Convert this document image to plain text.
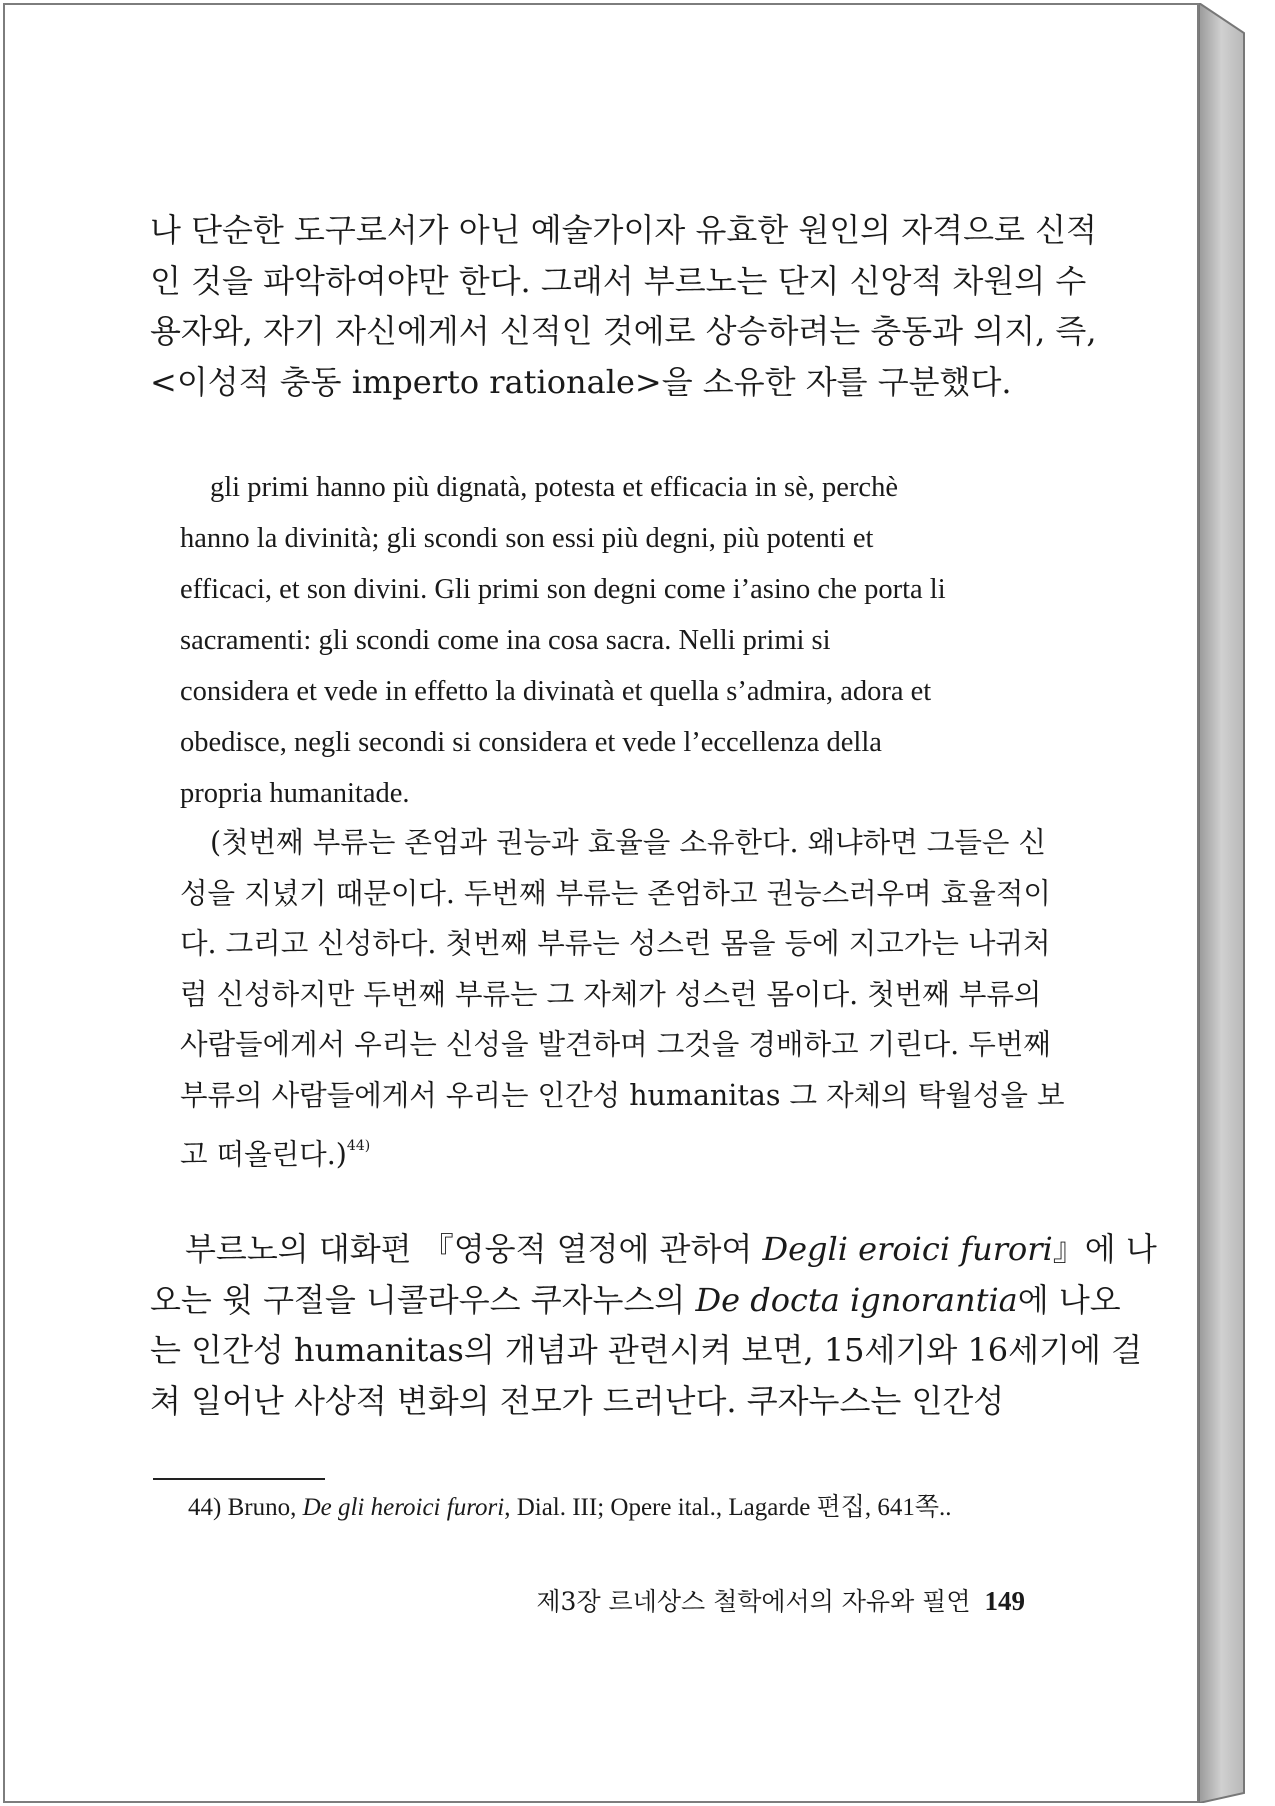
나 단순한 도구로서가 아닌 예술가이자 유효한 원인의 자격으로 신적
인 것을 파악하여야만 한다. 그래서 부르노는 단지 신앙적 차원의 수
용자와, 자기 자신에게서 신적인 것에로 상승하려는 충동과 의지, 즉,
<이성적 충동 imperto rationale>을 소유한 자를 구분했다.

gli primi hanno più dignatà, potesta et efficacia in sè, perchè
hanno la divinità; gli scondi son essi più degni, più potenti et
efficaci, et son divini. Gli primi son degni come i’asino che porta li
sacramenti: gli scondi come ina cosa sacra. Nelli primi si
considera et vede in effetto la divinatà et quella s’admira, adora et
obedisce, negli secondi si considera et vede l’eccellenza della
propria humanitade.
(첫번째 부류는 존엄과 권능과 효율을 소유한다. 왜냐하면 그들은 신
성을 지녔기 때문이다. 두번째 부류는 존엄하고 권능스러우며 효율적이
다. 그리고 신성하다. 첫번째 부류는 성스런 몸을 등에 지고가는 나귀처
럼 신성하지만 두번째 부류는 그 자체가 성스런 몸이다. 첫번째 부류의
사람들에게서 우리는 신성을 발견하며 그것을 경배하고 기린다. 두번째
부류의 사람들에게서 우리는 인간성 humanitas 그 자체의 탁월성을 보
고 떠올린다.)$^{44)}$
부르노의 대화편 『영웅적 열정에 관하여 Degli eroici furori』에 나
오는 윗 구절을 니콜라우스 쿠자누스의 De docta ignorantia에 나오
는 인간성 humanitas의 개념과 관련시켜 보면, 15세기와 16세기에 걸
쳐 일어난 사상적 변화의 전모가 드러난다. 쿠자누스는 인간성
44) Bruno, De gli heroici furori, Dial. III; Opere ital., Lagarde 편집, 641쪽..
제3장 르네상스 철학에서의 자유와 필연 149
